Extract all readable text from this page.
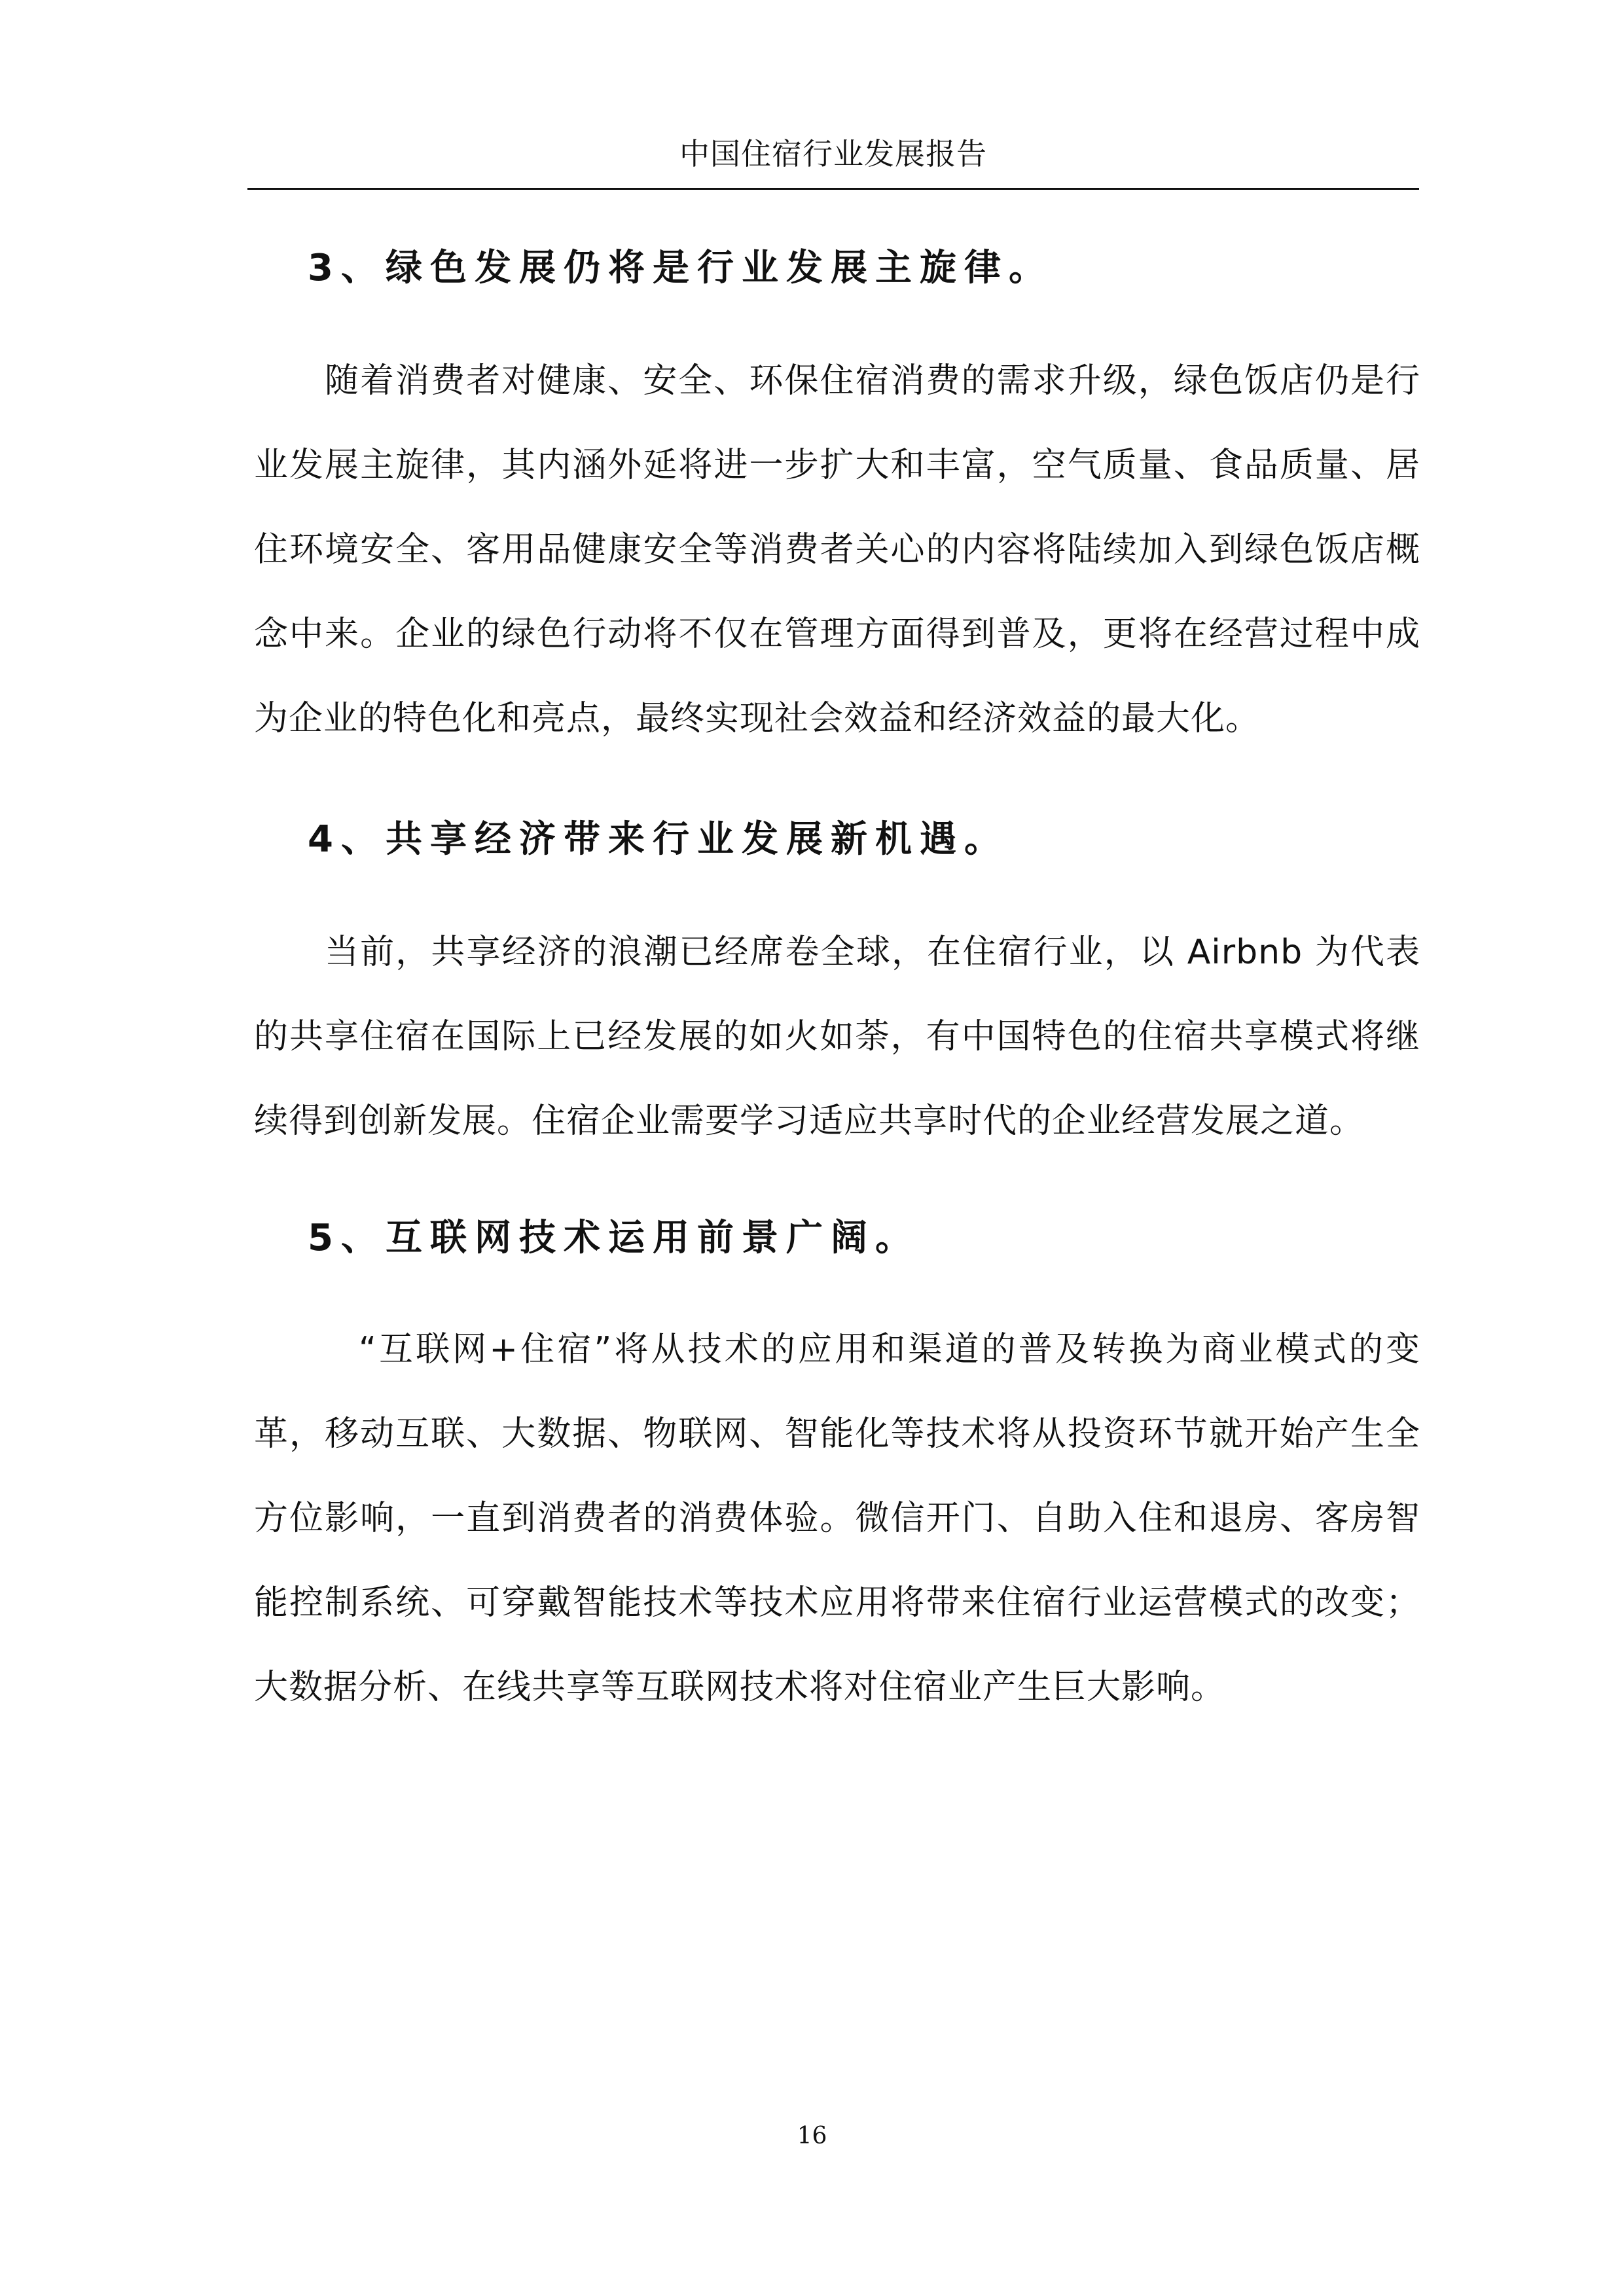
中国住宿行业发展报告
3、绿色发展仍将是行业发展主旋律。

随着消费者对健康、安全、环保住宿消费的需求升级，绿色饭店仍是行业发展主旋律，其内涵外延将进一步扩大和丰富，空气质量、食品质量、居住环境安全、客用品健康安全等消费者关心的内容将陆续加入到绿色饭店概念中来。企业的绿色行动将不仅在管理方面得到普及，更将在经营过程中成为企业的特色化和亮点，最终实现社会效益和经济效益的最大化。

4、共享经济带来行业发展新机遇。

当前，共享经济的浪潮已经席卷全球，在住宿行业，以 Airbnb 为代表的共享住宿在国际上已经发展的如火如荼，有中国特色的住宿共享模式将继续得到创新发展。住宿企业需要学习适应共享时代的企业经营发展之道。

5、互联网技术运用前景广阔。

“互联网+住宿”将从技术的应用和渠道的普及转换为商业模式的变革，移动互联、大数据、物联网、智能化等技术将从投资环节就开始产生全方位影响，一直到消费者的消费体验。微信开门、自助入住和退房、客房智能控制系统、可穿戴智能技术等技术应用将带来住宿行业运营模式的改变；大数据分析、在线共享等互联网技术将对住宿业产生巨大影响。

16
